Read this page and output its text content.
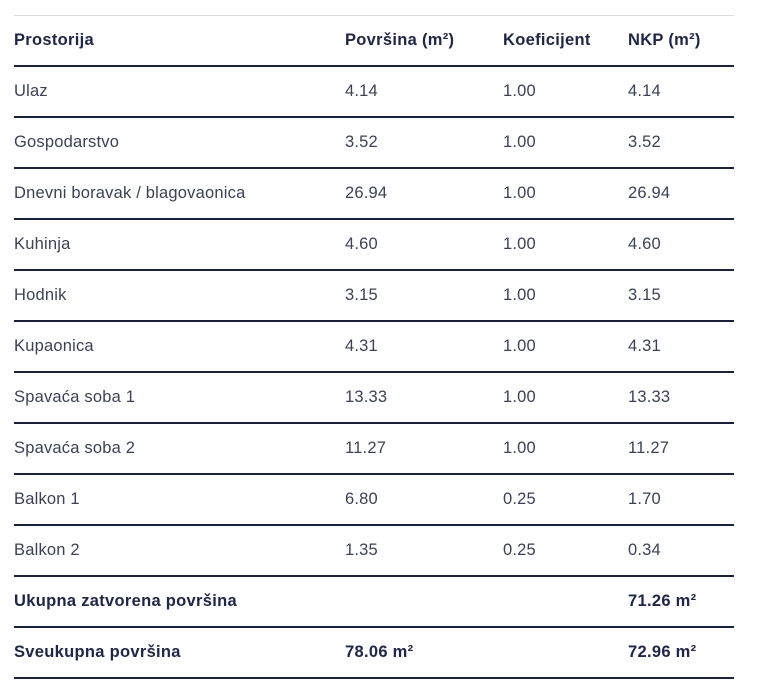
Prostorija	Površina (m²)	Koeficijent	NKP (m²)
Ulaz	4.14	1.00	4.14
Gospodarstvo	3.52	1.00	3.52
Dnevni boravak / blagovaonica	26.94	1.00	26.94
Kuhinja	4.60	1.00	4.60
Hodnik	3.15	1.00	3.15
Kupaonica	4.31	1.00	4.31
Spavaća soba 1	13.33	1.00	13.33
Spavaća soba 2	11.27	1.00	11.27
Balkon 1	6.80	0.25	1.70
Balkon 2	1.35	0.25	0.34
Ukupna zatvorena površina			71.26 m²
Sveukupna površina	78.06 m²		72.96 m²
